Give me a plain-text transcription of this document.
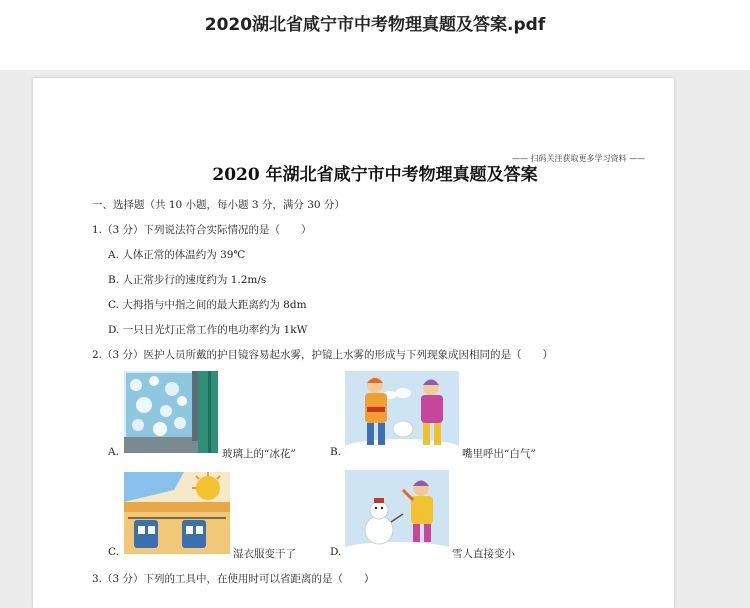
2020湖北省咸宁市中考物理真题及答案.pdf
—— 扫码关注获取更多学习资料 ——
2020 年湖北省咸宁市中考物理真题及答案
一、选择题（共 10 小题，每小题 3 分，满分 30 分）
1.（3 分）下列说法符合实际情况的是（　　）
A. 人体正常的体温约为 39℃
B. 人正常步行的速度约为 1.2m/s
C. 大拇指与中指之间的最大距离约为 8dm
D. 一只日光灯正常工作的电功率约为 1kW
2.（3 分）医护人员所戴的护目镜容易起水雾，护镜上水雾的形成与下列现象成因相同的是（　　）
A.	玻璃上的“冰花”	B.	嘴里呼出“白气”
C.	湿衣服变干了	D.	雪人直接变小
3.（3 分）下列的工具中，在使用时可以省距离的是（　　）
